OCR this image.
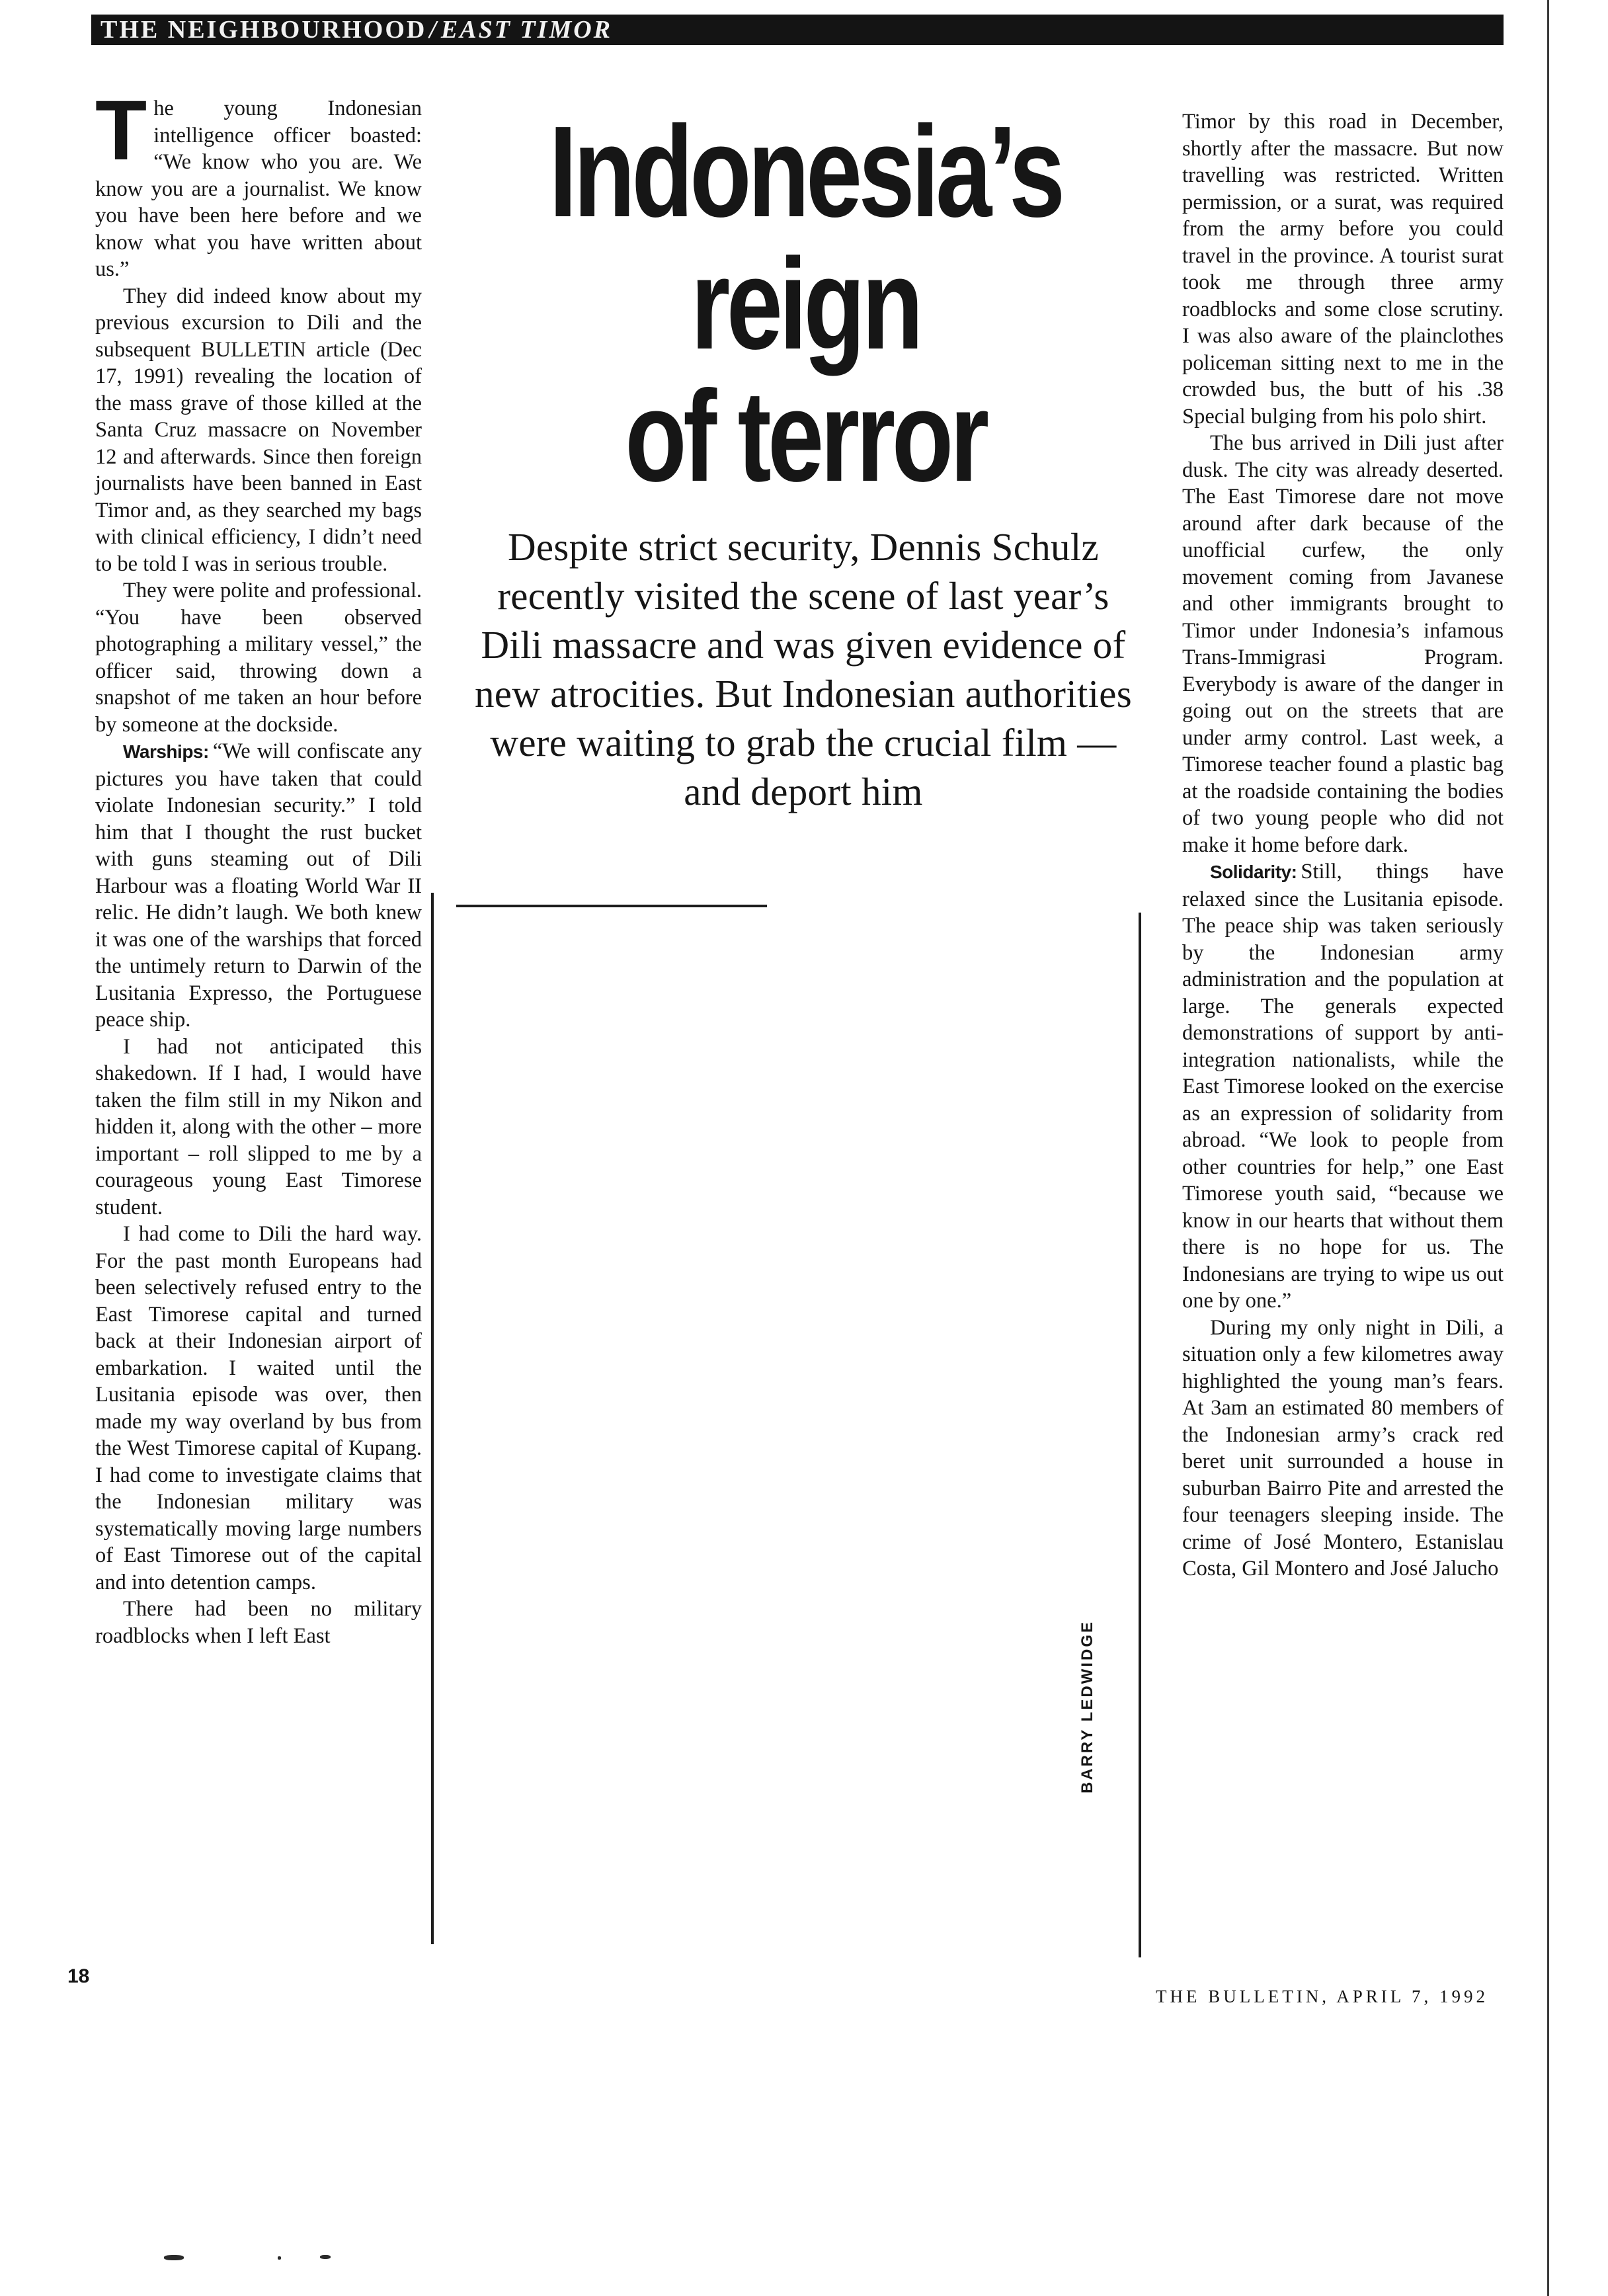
THE NEIGHBOURHOOD / EAST TIMOR

The young Indonesian intelligence officer boasted: “We know who you are. We know you are a journalist. We know you have been here before and we know what you have written about us.”

They did indeed know about my previous excursion to Dili and the subsequent BULLETIN article (Dec 17, 1991) revealing the location of the mass grave of those killed at the Santa Cruz massacre on November 12 and afterwards. Since then foreign journalists have been banned in East Timor and, as they searched my bags with clinical efficiency, I didn’t need to be told I was in serious trouble.

They were polite and professional. “You have been observed photographing a military vessel,” the officer said, throwing down a snapshot of me taken an hour before by someone at the dockside.

Warships: “We will confiscate any pictures you have taken that could violate Indonesian security.” I told him that I thought the rust bucket with guns steaming out of Dili Harbour was a floating World War II relic. He didn’t laugh. We both knew it was one of the warships that forced the untimely return to Darwin of the Lusitania Expresso, the Portuguese peace ship.

I had not anticipated this shakedown. If I had, I would have taken the film still in my Nikon and hidden it, along with the other – more important – roll slipped to me by a courageous young East Timorese student.

I had come to Dili the hard way. For the past month Europeans had been selectively refused entry to the East Timorese capital and turned back at their Indonesian airport of embarkation. I waited until the Lusitania episode was over, then made my way overland by bus from the West Timorese capital of Kupang. I had come to investigate claims that the Indonesian military was systematically moving large numbers of East Timorese out of the capital and into detention camps.

There had been no military roadblocks when I left East

Indonesia’s
reign
of terror
Despite strict security, Dennis Schulz recently visited the scene of last year’s Dili massacre and was given evidence of new atrocities. But Indonesian authorities were waiting to grab the crucial film — and deport him

Timor by this road in December, shortly after the massacre. But now travelling was restricted. Written permission, or a surat, was required from the army before you could travel in the province. A tourist surat took me through three army roadblocks and some close scrutiny. I was also aware of the plainclothes policeman sitting next to me in the crowded bus, the butt of his .38 Special bulging from his polo shirt.

The bus arrived in Dili just after dusk. The city was already deserted. The East Timorese dare not move around after dark because of the unofficial curfew, the only movement coming from Javanese and other immigrants brought to Timor under Indonesia’s infamous Trans-Immigrasi Program. Everybody is aware of the danger in going out on the streets that are under army control. Last week, a Timorese teacher found a plastic bag at the roadside containing the bodies of two young people who did not make it home before dark.

Solidarity: Still, things have relaxed since the Lusitania episode. The peace ship was taken seriously by the Indonesian army administration and the population at large. The generals expected demonstrations of support by anti-integration nationalists, while the East Timorese looked on the exercise as an expression of solidarity from abroad. “We look to people from other countries for help,” one East Timorese youth said, “because we know in our hearts that without them there is no hope for us. The Indonesians are trying to wipe us out one by one.”

During my only night in Dili, a situation only a few kilometres away highlighted the young man’s fears. At 3am an estimated 80 members of the Indonesian army’s crack red beret unit surrounded a house in suburban Bairro Pite and arrested the four teenagers sleeping inside. The crime of José Montero, Estanislau Costa, Gil Montero and José Jalucho

BARRY LEDWIDGE
18
THE BULLETIN, APRIL 7, 1992
